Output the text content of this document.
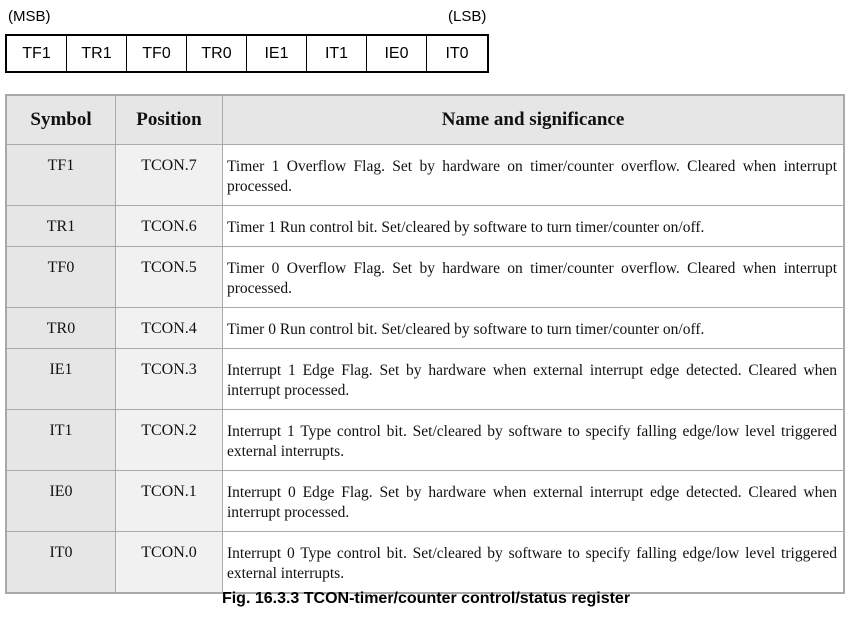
(MSB)	(LSB)
TF1	TR1	TF0	TR0	IE1	IT1	IE0	IT0
Symbol	Position	Name and significance
TF1	TCON.7	Timer 1 Overflow Flag. Set by hardware on timer/counter overflow. Cleared when interrupt processed.
TR1	TCON.6	Timer 1 Run control bit. Set/cleared by software to turn timer/counter on/off.
TF0	TCON.5	Timer 0 Overflow Flag. Set by hardware on timer/counter overflow. Cleared when interrupt processed.
TR0	TCON.4	Timer 0 Run control bit. Set/cleared by software to turn timer/counter on/off.
IE1	TCON.3	Interrupt 1 Edge Flag. Set by hardware when external interrupt edge detected. Cleared when interrupt processed.
IT1	TCON.2	Interrupt 1 Type control bit. Set/cleared by software to specify falling edge/low level triggered external interrupts.
IE0	TCON.1	Interrupt 0 Edge Flag. Set by hardware when external interrupt edge detected. Cleared when interrupt processed.
IT0	TCON.0	Interrupt 0 Type control bit. Set/cleared by software to specify falling edge/low level triggered external interrupts.
Fig. 16.3.3 TCON-timer/counter control/status register
